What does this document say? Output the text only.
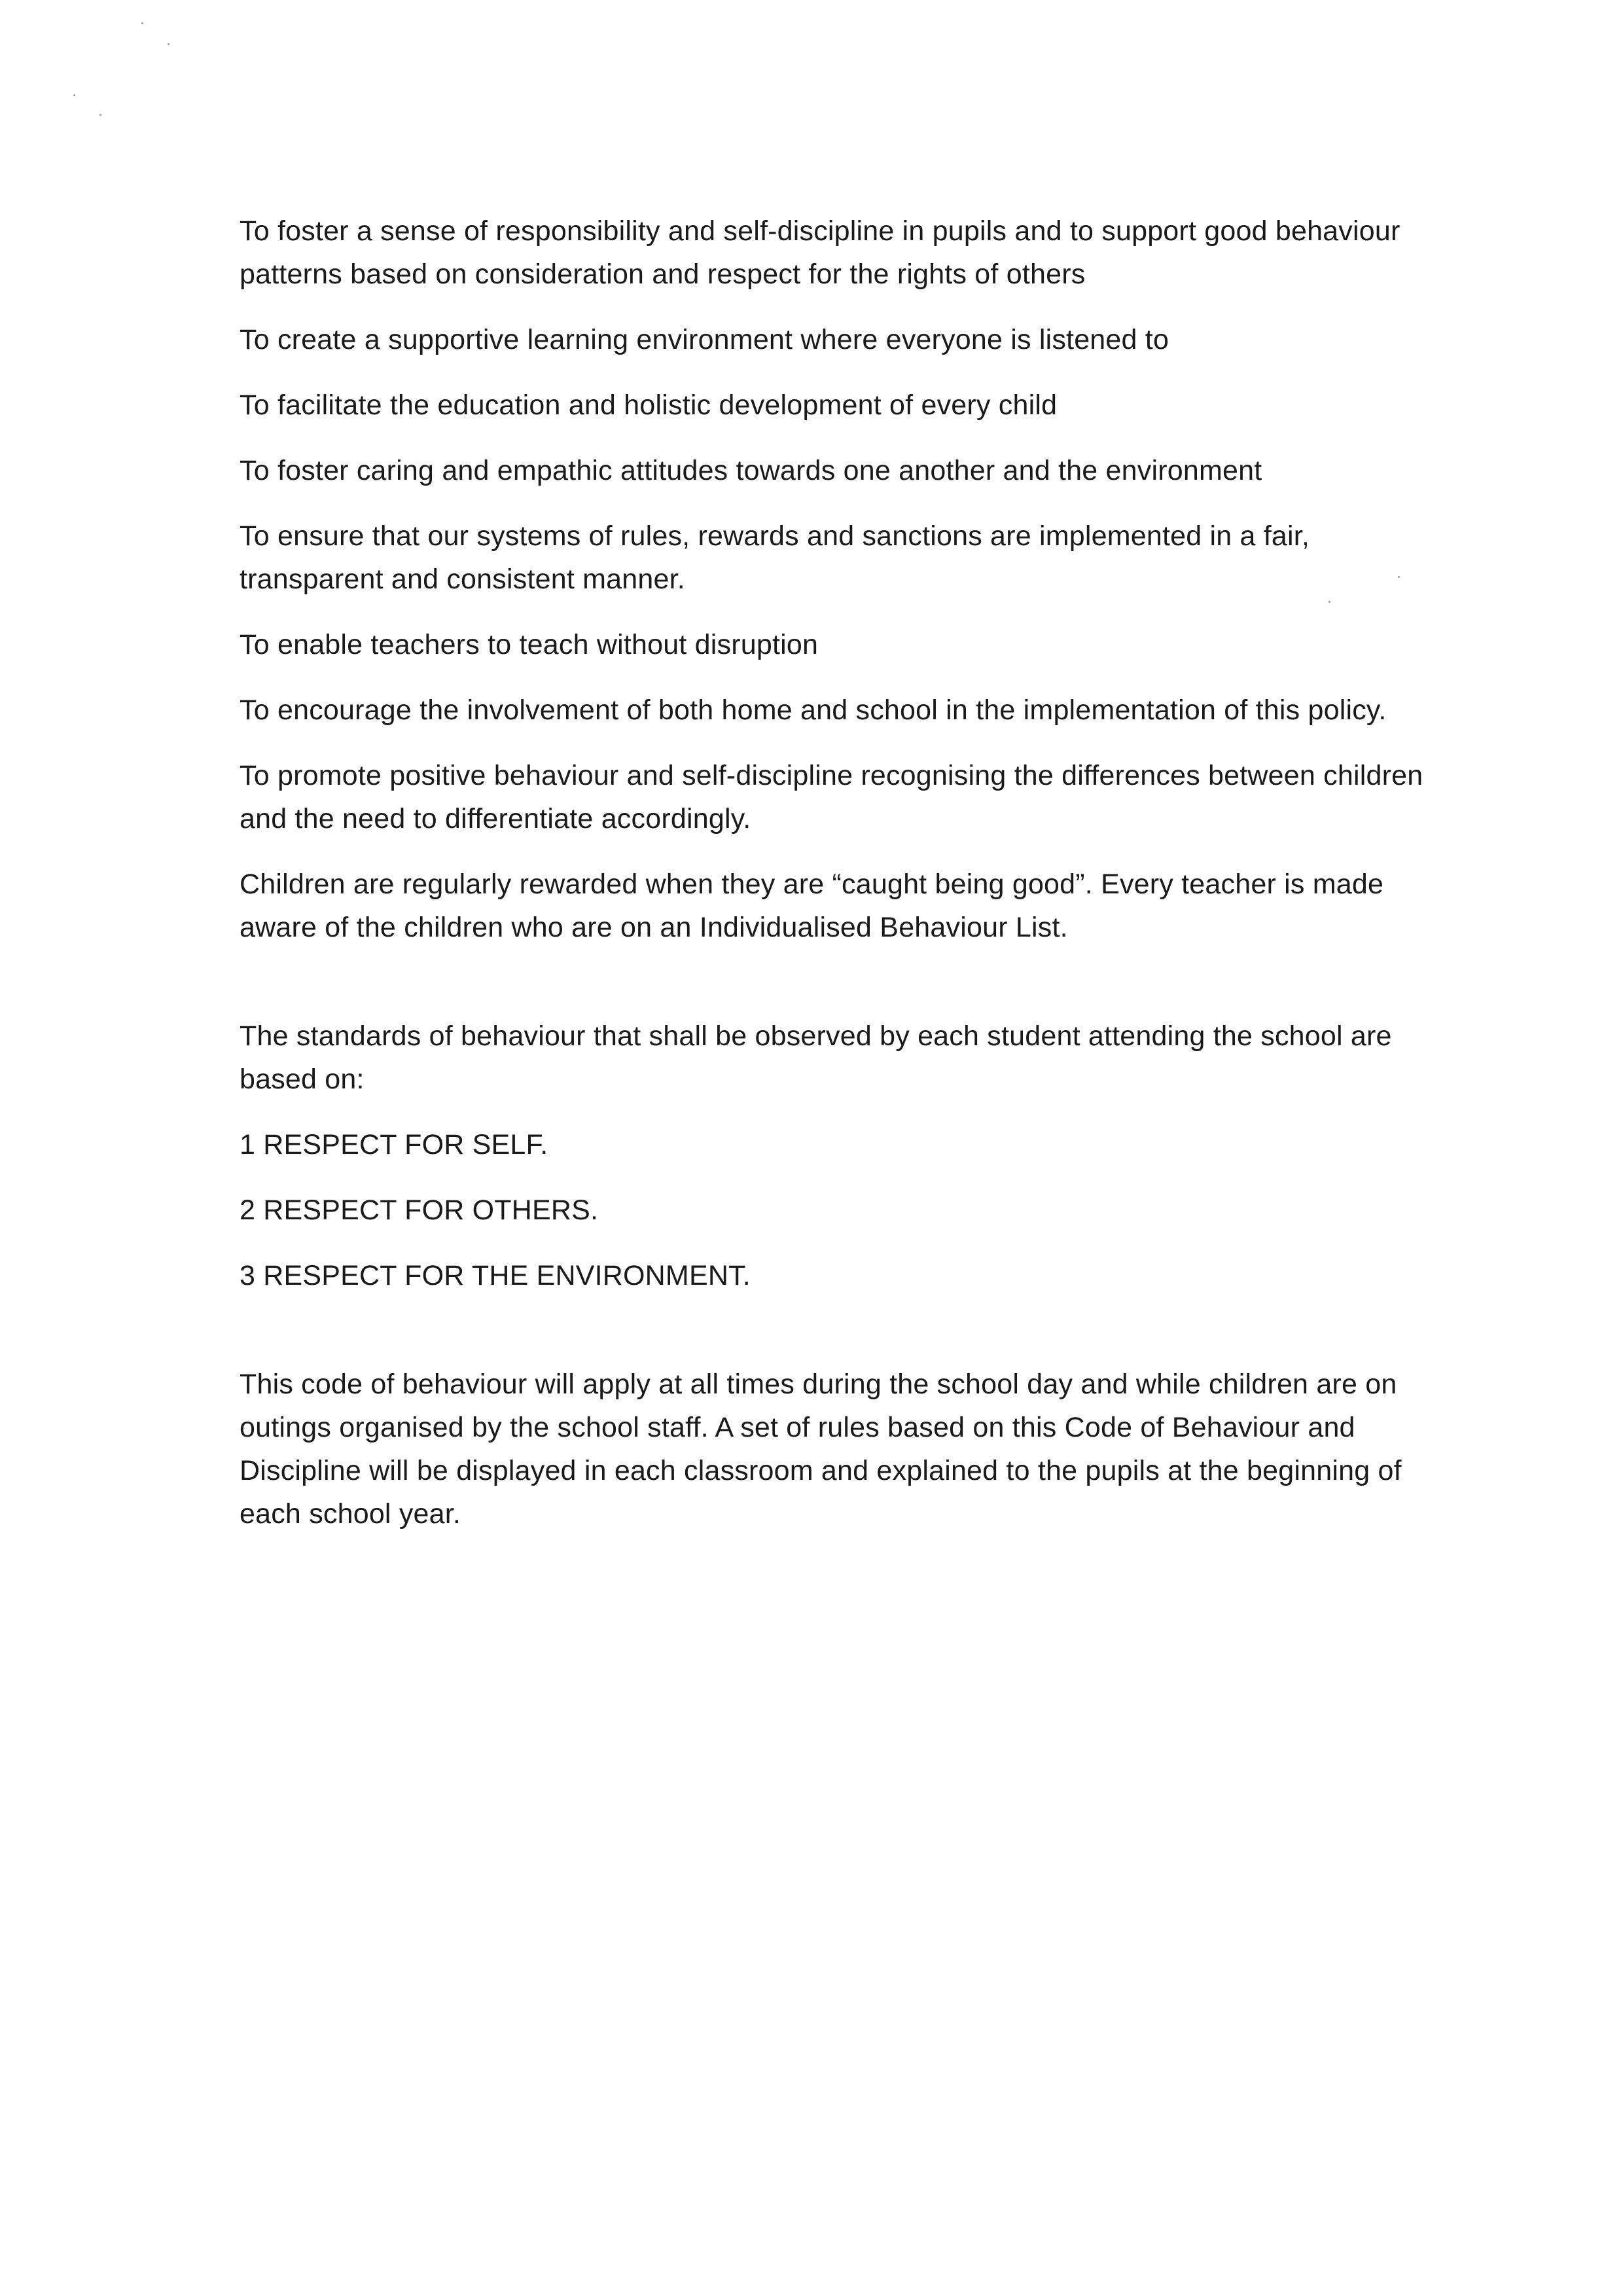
To foster a sense of responsibility and self-discipline in pupils and to support good behaviour patterns based on consideration and respect for the rights of others

To create a supportive learning environment where everyone is listened to

To facilitate the education and holistic development of every child

To foster caring and empathic attitudes towards one another and the environment

To ensure that our systems of rules, rewards and sanctions are implemented in a fair, transparent and consistent manner.

To enable teachers to teach without disruption

To encourage the involvement of both home and school in the implementation of this policy.

To promote positive behaviour and self-discipline recognising the differences between children and the need to differentiate accordingly.

Children are regularly rewarded when they are “caught being good”. Every teacher is made aware of the children who are on an Individualised Behaviour List.

The standards of behaviour that shall be observed by each student attending the school are based on:

1 RESPECT FOR SELF.

2 RESPECT FOR OTHERS.

3 RESPECT FOR THE ENVIRONMENT.

This code of behaviour will apply at all times during the school day and while children are on outings organised by the school staff. A set of rules based on this Code of Behaviour and Discipline will be displayed in each classroom and explained to the pupils at the beginning of each school year.
